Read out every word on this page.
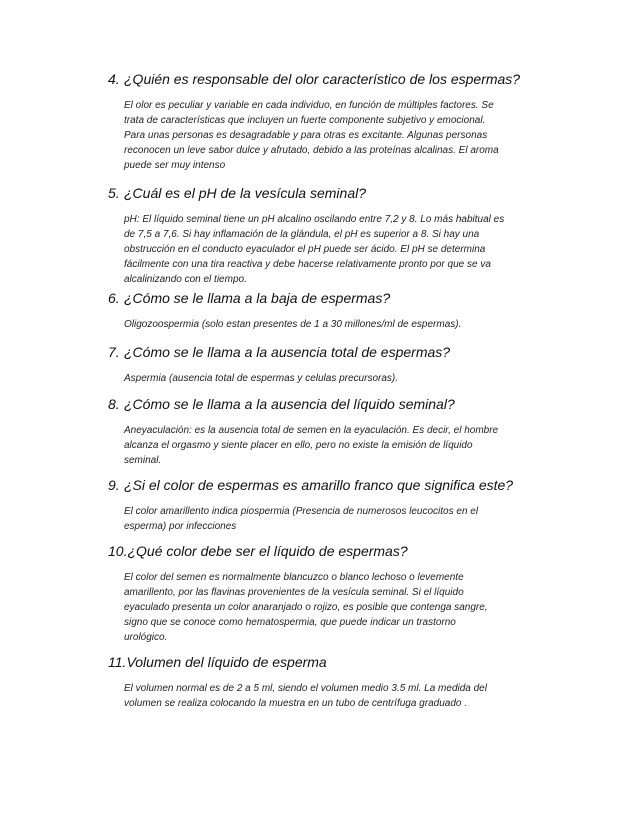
4. ¿Quién es responsable del olor característico de los espermas?
El olor es peculiar y variable en cada individuo, en función de múltiples factores. Se
trata de características que incluyen un fuerte componente subjetivo y emocional.
Para unas personas es desagradable y para otras es excitante. Algunas personas
reconocen un leve sabor dulce y afrutado, debido a las proteínas alcalinas. El aroma
puede ser muy intenso
5. ¿Cuál es el pH de la vesícula seminal?
pH: El líquido seminal tiene un pH alcalino oscilando entre 7,2 y 8. Lo más habitual es
de 7,5 a 7,6. Si hay inflamación de la glándula, el pH es superior a 8. Si hay una
obstrucción en el conducto eyaculador el pH puede ser ácido. El pH se determina
fácilmente con una tira reactiva y debe hacerse relativamente pronto por que se va
alcalinizando con el tiempo.
6. ¿Cómo se le llama a la baja de espermas?
Oligozoospermia (solo estan presentes de 1 a 30 millones/ml de espermas).
7. ¿Cómo se le llama a la ausencia total de espermas?
Aspermia (ausencia total de espermas y celulas precursoras).
8. ¿Cómo se le llama a la ausencia del líquido seminal?
Aneyaculación: es la ausencia total de semen en la eyaculación. Es decir, el hombre
alcanza el orgasmo y siente placer en ello, pero no existe la emisión de líquido
seminal.
9. ¿Si el color de espermas es amarillo franco que significa este?
El color amarillento indica piospermia (Presencia de numerosos leucocitos en el
esperma) por infecciones
10. ¿Qué color debe ser el líquido de espermas?
El color del semen es normalmente blancuzco o blanco lechoso o levemente
amarillento, por las flavinas provenientes de la vesícula seminal. Si el líquido
eyaculado presenta un color anaranjado o rojizo, es posible que contenga sangre,
signo que se conoce como hematospermia, que puede indicar un trastorno
urológico.
11. Volumen del líquido de esperma
El volumen normal es de 2 a 5 ml, siendo el volumen medio 3.5 ml. La medida del
volumen se realiza colocando la muestra en un tubo de centrífuga graduado .
